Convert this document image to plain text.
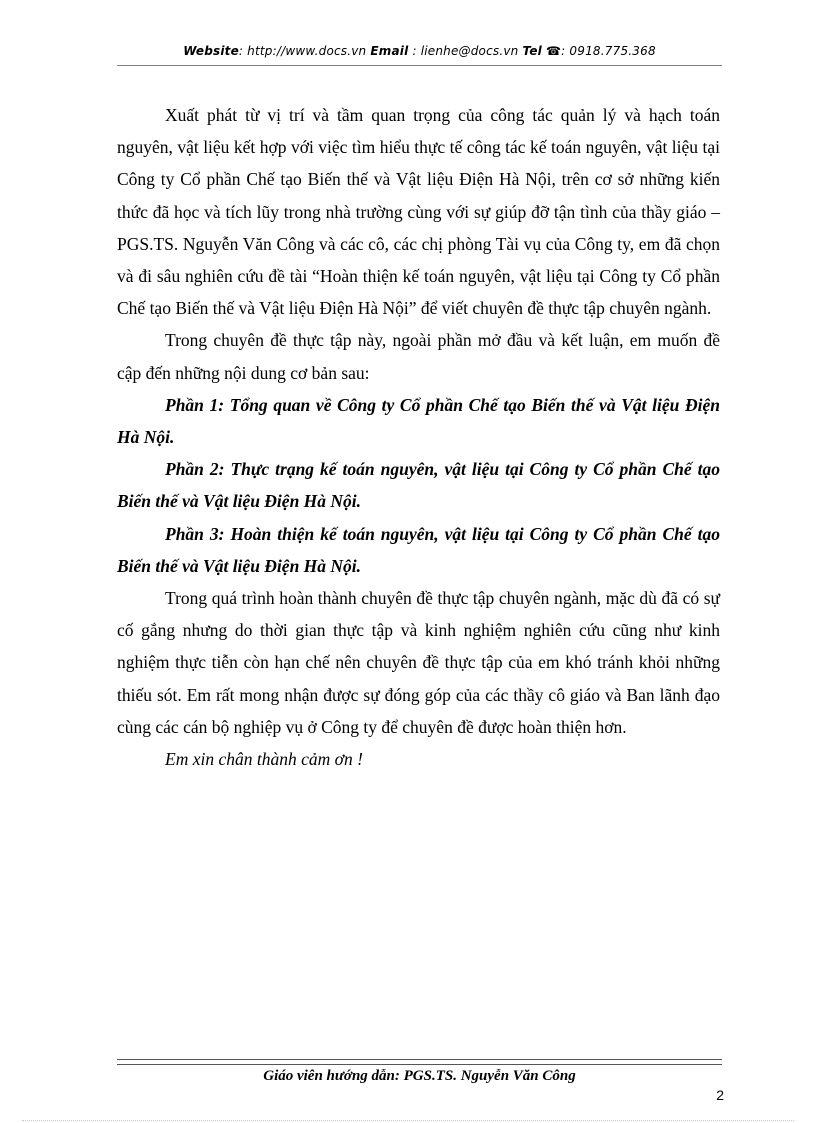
Website: http://www.docs.vn Email : lienhe@docs.vn Tel ☎: 0918.775.368

Xuất phát từ vị trí và tầm quan trọng của công tác quản lý và hạch toán nguyên, vật liệu kết hợp với việc tìm hiểu thực tế công tác kế toán nguyên, vật liệu tại Công ty Cổ phần Chế tạo Biến thế và Vật liệu Điện Hà Nội, trên cơ sở những kiến thức đã học và tích lũy trong nhà trường cùng với sự giúp đỡ tận tình của thầy giáo – PGS.TS. Nguyễn Văn Công và các cô, các chị phòng Tài vụ của Công ty, em đã chọn và đi sâu nghiên cứu đề tài “Hoàn thiện kế toán nguyên, vật liệu tại Công ty Cổ phần Chế tạo Biến thế và Vật liệu Điện Hà Nội” để viết chuyên đề thực tập chuyên ngành.

Trong chuyên đề thực tập này, ngoài phần mở đầu và kết luận, em muốn đề cập đến những nội dung cơ bản sau:

Phần 1: Tổng quan về Công ty Cổ phần Chế tạo Biến thế và Vật liệu Điện Hà Nội.

Phần 2: Thực trạng kế toán nguyên, vật liệu tại Công ty Cổ phần Chế tạo Biến thế và Vật liệu Điện Hà Nội.

Phần 3: Hoàn thiện kế toán nguyên, vật liệu tại Công ty Cổ phần Chế tạo Biến thế và Vật liệu Điện Hà Nội.

Trong quá trình hoàn thành chuyên đề thực tập chuyên ngành, mặc dù đã có sự cố gắng nhưng do thời gian thực tập và kinh nghiệm nghiên cứu cũng như kinh nghiệm thực tiễn còn hạn chế nên chuyên đề thực tập của em khó tránh khỏi những thiếu sót. Em rất mong nhận được sự đóng góp của các thầy cô giáo và Ban lãnh đạo cùng các cán bộ nghiệp vụ ở Công ty để chuyên đề được hoàn thiện hơn.

Em xin chân thành cảm ơn !

Giáo viên hướng dẫn: PGS.TS. Nguyễn Văn Công
2
